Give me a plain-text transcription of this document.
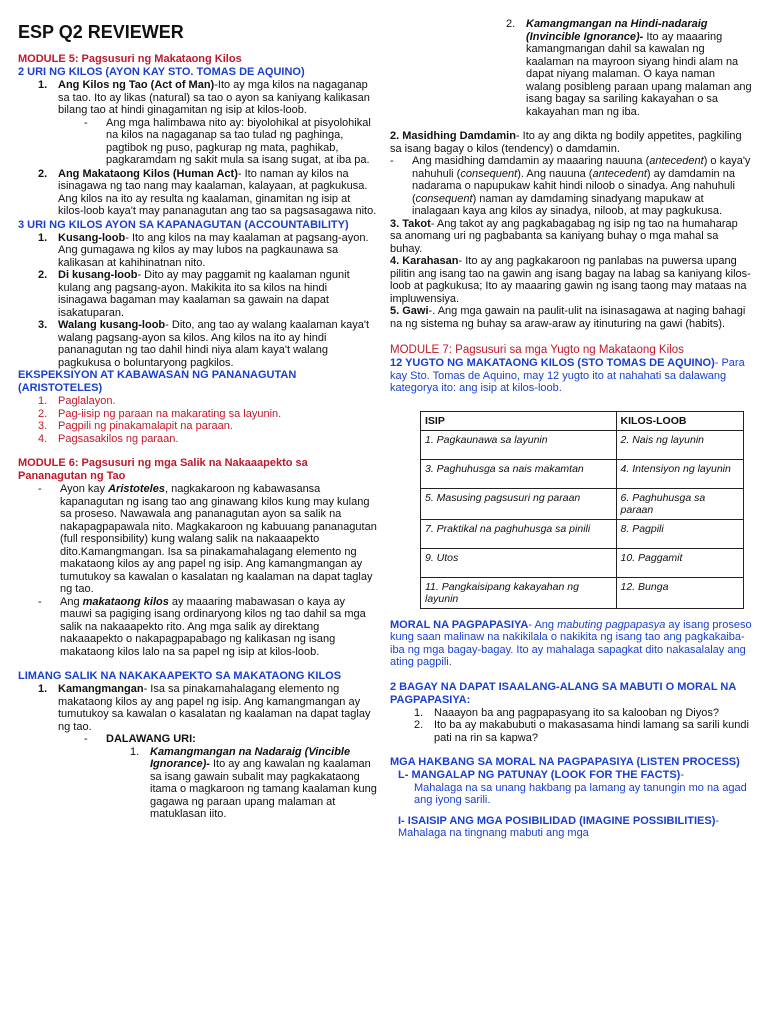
ESP Q2 REVIEWER
MODULE 5: Pagsusuri ng Makataong Kilos
2 URI NG KILOS (AYON KAY STO. TOMAS DE AQUINO)
1. Ang Kilos ng Tao (Act of Man)-Ito ay mga kilos na nagaganap sa tao. Ito ay likas (natural) sa tao o ayon sa kaniyang kalikasan bilang tao at hindi ginagamitan ng isip at kilos-loob.
-	Ang mga halimbawa nito ay: biyolohikal at pisyolohikal na kilos na nagaganap sa tao tulad ng paghinga, pagtibok ng puso, pagkurap ng mata, paghikab, pagkaramdam ng sakit mula sa isang sugat, at iba pa.
2. Ang Makataong Kilos (Human Act)- Ito naman ay kilos na isinagawa ng tao nang may kaalaman, kalayaan, at pagkukusa. Ang kilos na ito ay resulta ng kaalaman, ginamitan ng isip at kilos-loob kaya't may pananagutan ang tao sa pagsasagawa nito.
3 URI NG KILOS AYON SA KAPANAGUTAN (ACCOUNTABILITY)
1. Kusang-loob- Ito ang kilos na may kaalaman at pagsang-ayon. Ang gumagawa ng kilos ay may lubos na pagkaunawa sa kalikasan at kahihinatnan nito.
2. Di kusang-loob- Dito ay may paggamit ng kaalaman ngunit kulang ang pagsang-ayon. Makikita ito sa kilos na hindi isinagawa bagaman may kaalaman sa gawain na dapat isakatuparan.
3. Walang kusang-loob- Dito, ang tao ay walang kaalaman kaya't walang pagsang-ayon sa kilos. Ang kilos na ito ay hindi pananagutan ng tao dahil hindi niya alam kaya't walang pagkukusa o boluntaryong pagkilos.
EKSPEKSIYON AT KABAWASAN NG PANANAGUTAN (ARISTOTELES)
1. Paglalayon.
2. Pag-iisip ng paraan na makarating sa layunin.
3. Pagpili ng pinakamalapit na paraan.
4. Pagsasakilos ng paraan.
MODULE 6: Pagsusuri ng mga Salik na Nakaaapekto sa Pananagutan ng Tao
-	Ayon kay Aristoteles, nagkakaroon ng kabawasansa kapanagutan ng isang tao ang ginawang kilos kung may kulang sa proseso. Nawawala ang pananagutan ayon sa salik na nakapagpapawala nito. Magkakaroon ng kabuuang pananagutan (full responsibility) kung walang salik na nakaaapekto dito.Kamangmangan. Isa sa pinakamahalagang elemento ng makataong kilos ay ang papel ng isip. Ang kamangmangan ay tumutukoy sa kawalan o kasalatan ng kaalaman na dapat taglay ng tao.
-	Ang makataong kilos ay maaaring mabawasan o kaya ay mauwi sa pagiging isang ordinaryong kilos ng tao dahil sa mga salik na nakaaapekto rito. Ang mga salik ay direktang nakaaapekto o nakapagpapabago ng kalikasan ng isang makataong kilos lalo na sa papel ng isip at kilos-loob.
LIMANG SALIK NA NAKAKAAPEKTO SA MAKATAONG KILOS
1. Kamangmangan- Isa sa pinakamahalagang elemento ng makataong kilos ay ang papel ng isip. Ang kamangmangan ay tumutukoy sa kawalan o kasalatan ng kaalaman na dapat taglay ng tao.
-	DALAWANG URI:
1. Kamangmangan na Nadaraig (Vincible Ignorance)- Ito ay ang kawalan ng kaalaman sa isang gawain subalit may pagkakataong itama o magkaroon ng tamang kaalaman kung gagawa ng paraan upang malaman at matuklasan iito.
2. Kamangmangan na Hindi-nadaraig (Invincible Ignorance)- Ito ay maaaring kamangmangan dahil sa kawalan ng kaalaman na mayroon siyang hindi alam na dapat niyang malaman. O kaya naman walang posibleng paraan upang malaman ang isang bagay sa sariling kakayahan o sa kakayahan man ng iba.
2. Masidhing Damdamin- Ito ay ang dikta ng bodily appetites, pagkiling sa isang bagay o kilos (tendency) o damdamin.
-	Ang masidhing damdamin ay maaaring nauuna (antecedent) o kaya'y nahuhuli (consequent). Ang nauuna (antecedent) ay damdamin na nadarama o napupukaw kahit hindi niloob o sinadya. Ang nahuhuli (consequent) naman ay damdaming sinadyang mapukaw at inalagaan kaya ang kilos ay sinadya, niloob, at may pagkukusa.
3. Takot- Ang takot ay ang pagkabagabag ng isip ng tao na humaharap sa anomang uri ng pagbabanta sa kaniyang buhay o mga mahal sa buhay.
4. Karahasan- Ito ay ang pagkakaroon ng panlabas na puwersa upang pilitin ang isang tao na gawin ang isang bagay na labag sa kaniyang kilos-loob at pagkukusa; Ito ay maaaring gawin ng isang taong may mataas na impluwensiya.
5. Gawi-. Ang mga gawain na paulit-ulit na isinasagawa at naging bahagi na ng sistema ng buhay sa araw-araw ay itinuturing na gawi (habits).
MODULE 7: Pagsusuri sa mga Yugto ng Makataong Kilos
12 YUGTO NG MAKATAONG KILOS (STO TOMAS DE AQUINO)- Para kay Sto. Tomas de Aquino, may 12 yugto ito at nahahati sa dalawang kategorya ito: ang isip at kilos-loob.
ISIP	KILOS-LOOB
1. Pagkaunawa sa layunin	2. Nais ng layunin
3. Paghuhusga sa nais makamtan	4. Intensiyon ng layunin
5. Masusing pagsusuri ng paraan	6. Paghuhusga sa paraan
7. Praktikal na paghuhusga sa pinili	8. Pagpili
9. Utos	10. Paggamit
11. Pangkaisipang kakayahan ng layunin	12. Bunga
MORAL NA PAGPAPASIYA- Ang mabuting pagpapasya ay isang proseso kung saan malinaw na nakikilala o nakikita ng isang tao ang pagkakaiba-iba ng mga bagay-bagay. Ito ay mahalaga sapagkat dito nakasalalay ang ating pagpili.
2 BAGAY NA DAPAT ISAALANG-ALANG SA MABUTI O MORAL NA PAGPAPASIYA:
1. Naaayon ba ang pagpapasyang ito sa kalooban ng Diyos?
2. Ito ba ay makabubuti o makasasama hindi lamang sa sarili kundi pati na rin sa kapwa?
MGA HAKBANG SA MORAL NA PAGPAPASIYA (LISTEN PROCESS)
L- MANGALAP NG PATUNAY (LOOK FOR THE FACTS)-
Mahalaga na sa unang hakbang pa lamang ay tanungin mo na agad ang iyong sarili.
I- ISAISIP ANG MGA POSIBILIDAD (IMAGINE POSSIBILITIES)- Mahalaga na tingnang mabuti ang mga
